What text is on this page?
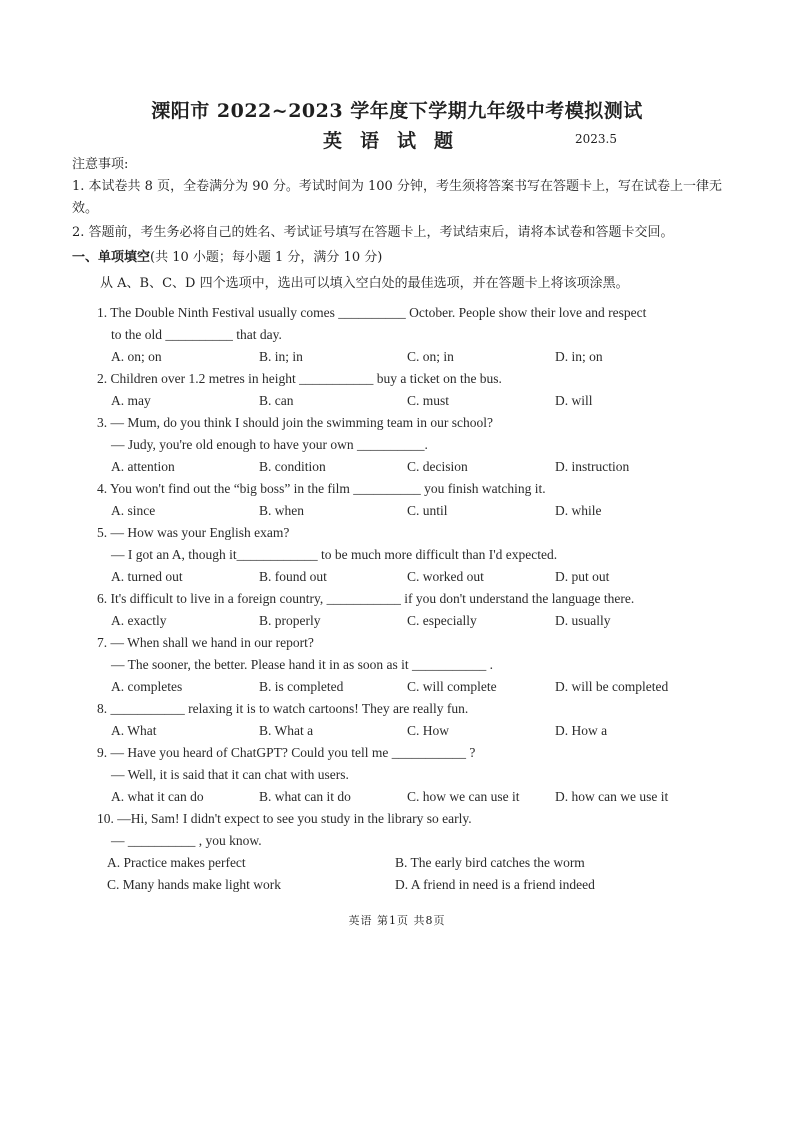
溧阳市 2022~2023 学年度下学期九年级中考模拟测试
英语试题	2023.5
注意事项:
1. 本试卷共 8 页，全卷满分为 90 分。考试时间为 100 分钟，考生须将答案书写在答题卡上，写在试卷上一律无效。
2. 答题前，考生务必将自己的姓名、考试证号填写在答题卡上，考试结束后，请将本试卷和答题卡交回。
一、单项填空(共 10 小题；每小题 1 分，满分 10 分)
从 A、B、C、D 四个选项中，选出可以填入空白处的最佳选项，并在答题卡上将该项涂黑。
1. The Double Ninth Festival usually comes __________ October. People show their love and respect
to the old __________ that day.
A. on; on	B. in; in	C. on; in	D. in; on
2. Children over 1.2 metres in height ___________ buy a ticket on the bus.
A. may	B. can	C. must	D. will
3. — Mum, do you think I should join the swimming team in our school?
— Judy, you're old enough to have your own __________.
A. attention	B. condition	C. decision	D. instruction
4. You won't find out the “big boss” in the film __________ you finish watching it.
A. since	B. when	C. until	D. while
5. — How was your English exam?
— I got an A, though it____________ to be much more difficult than I'd expected.
A. turned out	B. found out	C. worked out	D. put out
6. It's difficult to live in a foreign country, ___________ if you don't understand the language there.
A. exactly	B. properly	C. especially	D. usually
7. — When shall we hand in our report?
— The sooner, the better. Please hand it in as soon as it ___________ .
A. completes	B. is completed	C. will complete	D. will be completed
8. ___________ relaxing it is to watch cartoons! They are really fun.
A. What	B. What a	C. How	D. How a
9. — Have you heard of ChatGPT? Could you tell me ___________ ?
— Well, it is said that it can chat with users.
A. what it can do	B. what can it do	C. how we can use it	D. how can we use it
10. —Hi, Sam! I didn't expect to see you study in the library so early.
— __________ , you know.
A. Practice makes perfect	B. The early bird catches the worm
C. Many hands make light work	D. A friend in need is a friend indeed
英语 第1页 共8页
